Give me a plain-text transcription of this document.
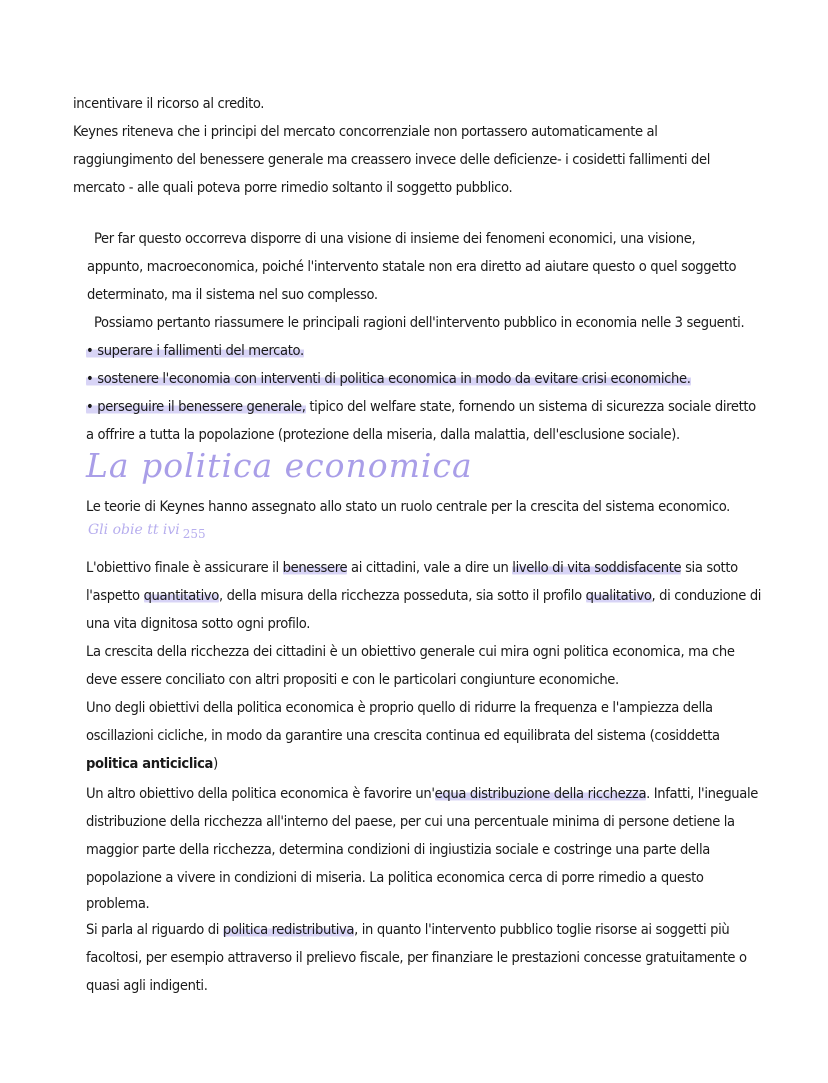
incentivare il ricorso al credito.
Keynes riteneva che i principi del mercato concorrenziale non portassero automaticamente al
raggiungimento del benessere generale ma creassero invece delle deficienze- i cosidetti fallimenti del
mercato - alle quali poteva porre rimedio soltanto il soggetto pubblico.
Per far questo occorreva disporre di una visione di insieme dei fenomeni economici, una visione,
appunto, macroeconomica, poiché l'intervento statale non era diretto ad aiutare questo o quel soggetto
determinato, ma il sistema nel suo complesso.
Possiamo pertanto riassumere le principali ragioni dell'intervento pubblico in economia nelle 3 seguenti.
• superare i fallimenti del mercato.
• sostenere l'economia con interventi di politica economica in modo da evitare crisi economiche.
• perseguire il benessere generale, tipico del welfare state, fornendo un sistema di sicurezza sociale diretto
a offrire a tutta la popolazione (protezione della miseria, dalla malattia, dell'esclusione sociale).
La politica economica
Le teorie di Keynes hanno assegnato allo stato un ruolo centrale per la crescita del sistema economico.
Gli obie tt ivi 255
L'obiettivo finale è assicurare il benessere ai cittadini, vale a dire un livello di vita soddisfacente sia sotto
l'aspetto quantitativo, della misura della ricchezza posseduta, sia sotto il profilo qualitativo, di conduzione di
una vita dignitosa sotto ogni profilo.
La crescita della ricchezza dei cittadini è un obiettivo generale cui mira ogni politica economica, ma che
deve essere conciliato con altri propositi e con le particolari congiunture economiche.
Uno degli obiettivi della politica economica è proprio quello di ridurre la frequenza e l'ampiezza della
oscillazioni cicliche, in modo da garantire una crescita continua ed equilibrata del sistema (cosiddetta
politica anticiclica)
Un altro obiettivo della politica economica è favorire un'equa distribuzione della ricchezza. Infatti, l'ineguale
distribuzione della ricchezza all'interno del paese, per cui una percentuale minima di persone detiene la
maggior parte della ricchezza, determina condizioni di ingiustizia sociale e costringe una parte della
popolazione a vivere in condizioni di miseria. La politica economica cerca di porre rimedio a questo
problema.
Si parla al riguardo di politica redistributiva, in quanto l'intervento pubblico toglie risorse ai soggetti più
facoltosi, per esempio attraverso il prelievo fiscale, per finanziare le prestazioni concesse gratuitamente o
quasi agli indigenti.
